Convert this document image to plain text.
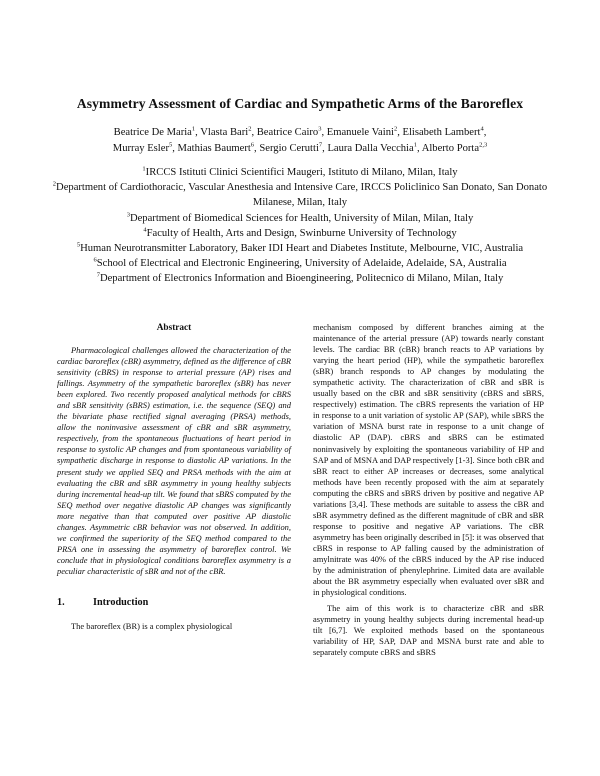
Asymmetry Assessment of Cardiac and Sympathetic Arms of the Baroreflex
Beatrice De Maria$^1$, Vlasta Bari$^2$, Beatrice Cairo$^3$, Emanuele Vaini$^2$, Elisabeth Lambert$^4$,
Murray Esler$^5$, Mathias Baumert$^6$, Sergio Cerutti$^7$, Laura Dalla Vecchia$^1$, Alberto Porta$^{2,3}$
$^1$IRCCS Istituti Clinici Scientifici Maugeri, Istituto di Milano, Milan, Italy
$^2$Department of Cardiothoracic, Vascular Anesthesia and Intensive Care, IRCCS Policlinico San Donato, San Donato Milanese, Milan, Italy
$^3$Department of Biomedical Sciences for Health, University of Milan, Milan, Italy
$^4$Faculty of Health, Arts and Design, Swinburne University of Technology
$^5$Human Neurotransmitter Laboratory, Baker IDI Heart and Diabetes Institute, Melbourne, VIC, Australia
$^6$School of Electrical and Electronic Engineering, University of Adelaide, Adelaide, SA, Australia
$^7$Department of Electronics Information and Bioengineering, Politecnico di Milano, Milan, Italy
Abstract

Pharmacological challenges allowed the characterization of the cardiac baroreflex (cBR) asymmetry, defined as the difference of cBR sensitivity (cBRS) in response to arterial pressure (AP) rises and fallings. Asymmetry of the sympathetic baroreflex (sBR) has never been explored. Two recently proposed analytical methods for cBRS and sBR sensitivity (sBRS) estimation, i.e. the sequence (SEQ) and the bivariate phase rectified signal averaging (PRSA) methods, allow the noninvasive assessment of cBR and sBR asymmetry, respectively, from the spontaneous fluctuations of heart period in response to systolic AP changes and from spontaneous variability of sympathetic discharge in response to diastolic AP variations. In the present study we applied SEQ and PRSA methods with the aim at evaluating the cBR and sBR asymmetry in young healthy subjects during incremental head-up tilt. We found that sBRS computed by the SEQ method over negative diastolic AP changes was significantly more negative than that computed over positive AP diastolic changes. Asymmetric cBR behavior was not observed. In addition, we confirmed the superiority of the SEQ method compared to the PRSA one in assessing the asymmetry of baroreflex control. We conclude that in physiological conditions baroreflex asymmetry is a peculiar characteristic of sBR and not of the cBR.

1.	Introduction

The baroreflex (BR) is a complex physiological

mechanism composed by different branches aiming at the maintenance of the arterial pressure (AP) towards nearly constant levels. The cardiac BR (cBR) branch reacts to AP variations by varying the heart period (HP), while the sympathetic baroreflex (sBR) branch responds to AP changes by modulating the sympathetic activity. The characterization of cBR and sBR is usually based on the cBR and sBR sensitivity (cBRS and sBRS, respectively) estimation. The cBRS represents the variation of HP in response to a unit variation of systolic AP (SAP), while sBRS the variation of MSNA burst rate in response to a unit change of diastolic AP (DAP). cBRS and sBRS can be estimated noninvasively by exploiting the spontaneous variability of HP and SAP and of MSNA and DAP respectively [1-3]. Since both cBR and sBR react to either AP increases or decreases, some analytical methods have been recently proposed with the aim at separately computing the cBRS and sBRS driven by positive and negative AP variations [3,4]. These methods are suitable to assess the cBR and sBR asymmetry defined as the different magnitude of cBR and sBR response to positive and negative AP variations. The cBR asymmetry has been originally described in [5]: it was observed that cBRS in response to AP falling caused by the administration of amylnitrate was 40% of the cBRS induced by the AP rise induced by the administration of phenylephrine. Limited data are available about the BR asymmetry especially when evaluated over sBR and in physiological conditions.

The aim of this work is to characterize cBR and sBR asymmetry in young healthy subjects during incremental head-up tilt [6,7]. We exploited methods based on the spontaneous variability of HP, SAP, DAP and MSNA burst rate and able to separately compute cBRS and sBRS
